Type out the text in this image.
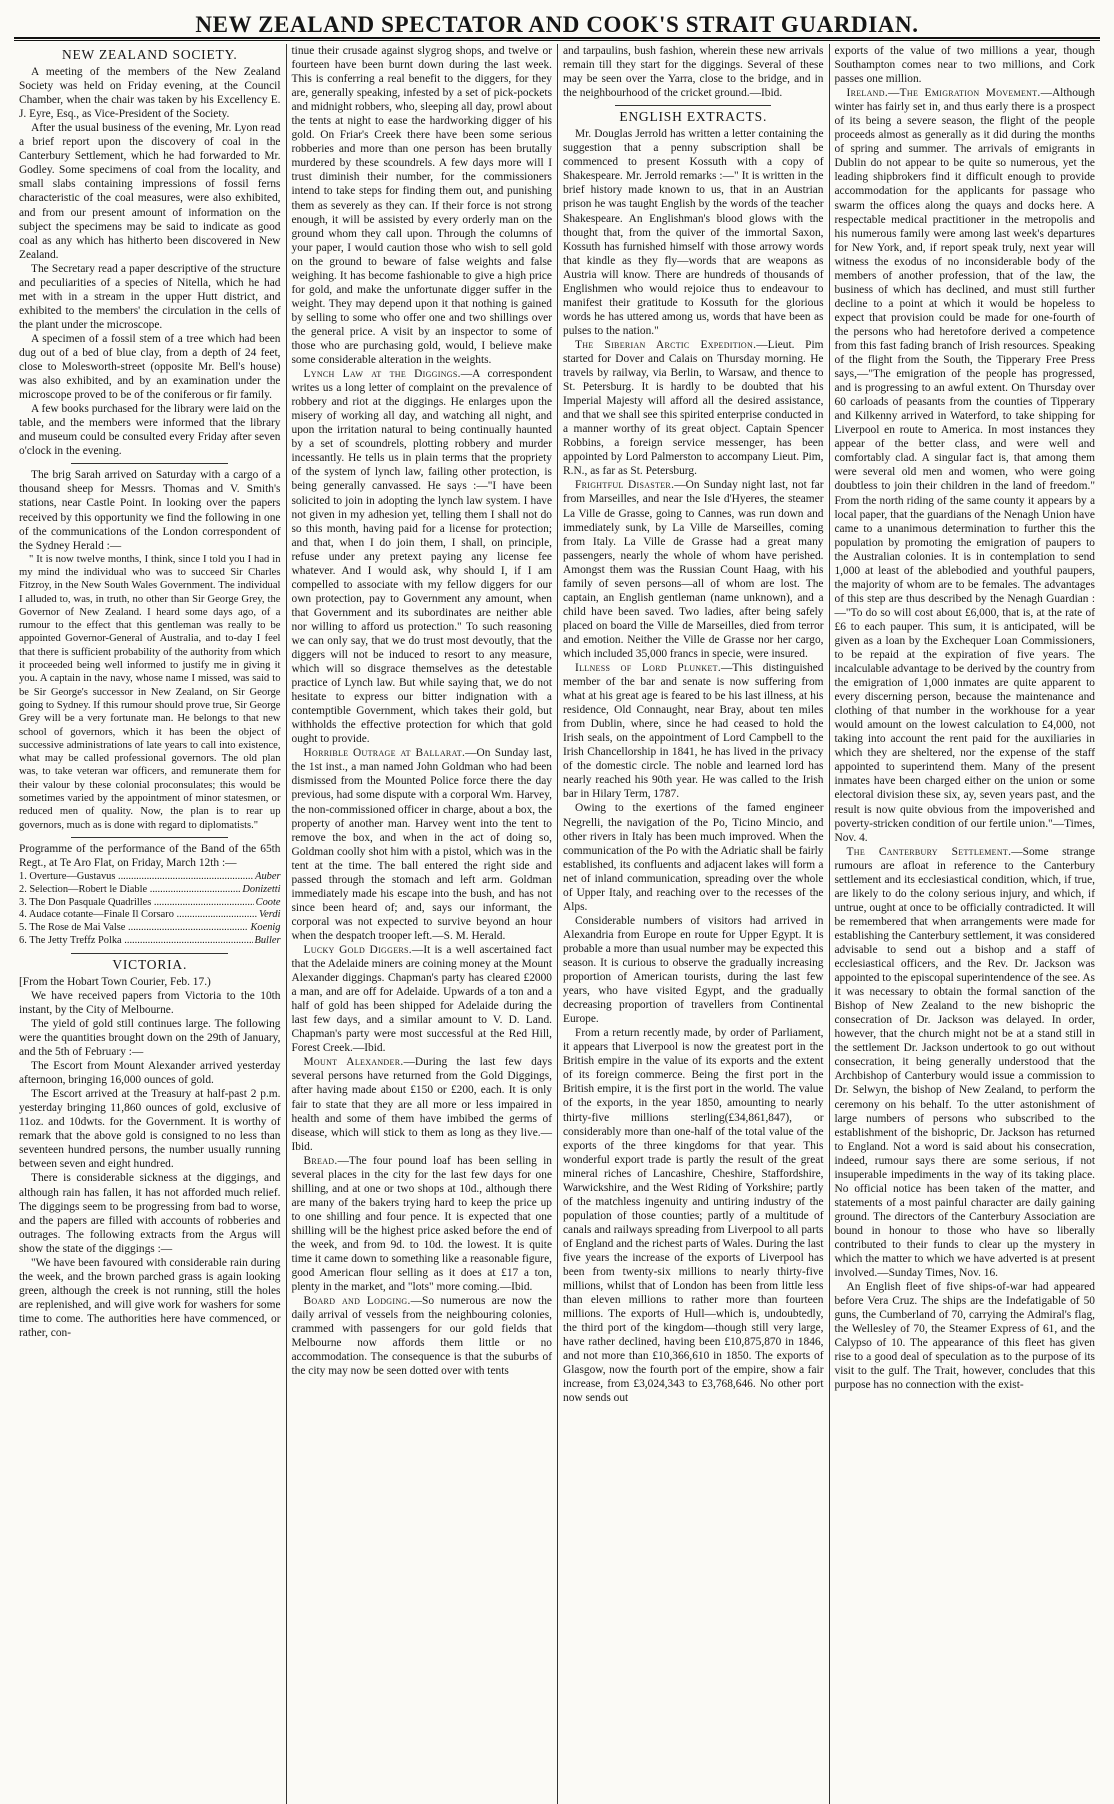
NEW ZEALAND SPECTATOR AND COOK'S STRAIT GUARDIAN.
NEW ZEALAND SOCIETY.

A meeting of the members of the New Zealand Society was held on Friday evening, at the Council Chamber, when the chair was taken by his Excellency E. J. Eyre, Esq., as Vice-President of the Society.

After the usual business of the evening, Mr. Lyon read a brief report upon the discovery of coal in the Canterbury Settlement, which he had forwarded to Mr. Godley. Some specimens of coal from the locality, and small slabs containing impressions of fossil ferns characteristic of the coal measures, were also exhibited, and from our present amount of information on the subject the specimens may be said to indicate as good coal as any which has hitherto been discovered in New Zealand.

The Secretary read a paper descriptive of the structure and peculiarities of a species of Nitella, which he had met with in a stream in the upper Hutt district, and exhibited to the members' the circulation in the cells of the plant under the microscope.

A specimen of a fossil stem of a tree which had been dug out of a bed of blue clay, from a depth of 24 feet, close to Molesworth-street (opposite Mr. Bell's house) was also exhibited, and by an examination under the microscope proved to be of the coniferous or fir family.

A few books purchased for the library were laid on the table, and the members were informed that the library and museum could be consulted every Friday after seven o'clock in the evening.

The brig Sarah arrived on Saturday with a cargo of a thousand sheep for Messrs. Thomas and V. Smith's stations, near Castle Point. In looking over the papers received by this opportunity we find the following in one of the communications of the London correspondent of the Sydney Herald :—

" It is now twelve months, I think, since I told you I had in my mind the individual who was to succeed Sir Charles Fitzroy, in the New South Wales Government. The individual I alluded to, was, in truth, no other than Sir George Grey, the Governor of New Zealand. I heard some days ago, of a rumour to the effect that this gentleman was really to be appointed Governor-General of Australia, and to-day I feel that there is sufficient probability of the authority from which it proceeded being well informed to justify me in giving it you. A captain in the navy, whose name I missed, was said to be Sir George's successor in New Zealand, on Sir George going to Sydney. If this rumour should prove true, Sir George Grey will be a very fortunate man. He belongs to that new school of governors, which it has been the object of successive administrations of late years to call into existence, what may be called professional governors. The old plan was, to take veteran war officers, and remunerate them for their valour by these colonial proconsulates; this would be sometimes varied by the appointment of minor statesmen, or reduced men of quality. Now, the plan is to rear up governors, much as is done with regard to diplomatists."

Programme of the performance of the Band of the 65th Regt., at Te Aro Flat, on Friday, March 12th :—

1. Overture—Gustavus .....	Auber
2. Selection—Robert le Diable .....	Donizetti
3. The Don Pasquale Quadrilles .....	Coote
4. Audace cotante—Finale Il Corsaro .....	Verdi
5. The Rose de Mai Valse .....	Koenig
6. The Jetty Treffz Polka .....	Buller
VICTORIA.

[From the Hobart Town Courier, Feb. 17.)

We have received papers from Victoria to the 10th instant, by the City of Melbourne.

The yield of gold still continues large. The following were the quantities brought down on the 29th of January, and the 5th of February :—

The Escort from Mount Alexander arrived yesterday afternoon, bringing 16,000 ounces of gold.

The Escort arrived at the Treasury at half-past 2 p.m. yesterday bringing 11,860 ounces of gold, exclusive of 11oz. and 10dwts. for the Government. It is worthy of remark that the above gold is consigned to no less than seventeen hundred persons, the number usually running between seven and eight hundred.

There is considerable sickness at the diggings, and although rain has fallen, it has not afforded much relief. The diggings seem to be progressing from bad to worse, and the papers are filled with accounts of robberies and outrages. The following extracts from the Argus will show the state of the diggings :—

"We have been favoured with considerable rain during the week, and the brown parched grass is again looking green, although the creek is not running, still the holes are replenished, and will give work for washers for some time to come. The authorities here have commenced, or rather, con-

tinue their crusade against slygrog shops, and twelve or fourteen have been burnt down during the last week. This is conferring a real benefit to the diggers, for they are, generally speaking, infested by a set of pick-pockets and midnight robbers, who, sleeping all day, prowl about the tents at night to ease the hardworking digger of his gold. On Friar's Creek there have been some serious robberies and more than one person has been brutally murdered by these scoundrels. A few days more will I trust diminish their number, for the commissioners intend to take steps for finding them out, and punishing them as severely as they can. If their force is not strong enough, it will be assisted by every orderly man on the ground whom they call upon. Through the columns of your paper, I would caution those who wish to sell gold on the ground to beware of false weights and false weighing. It has become fashionable to give a high price for gold, and make the unfortunate digger suffer in the weight. They may depend upon it that nothing is gained by selling to some who offer one and two shillings over the general price. A visit by an inspector to some of those who are purchasing gold, would, I believe make some considerable alteration in the weights.

Lynch Law at the Diggings.—A correspondent writes us a long letter of complaint on the prevalence of robbery and riot at the diggings. He enlarges upon the misery of working all day, and watching all night, and upon the irritation natural to being continually haunted by a set of scoundrels, plotting robbery and murder incessantly. He tells us in plain terms that the propriety of the system of lynch law, failing other protection, is being generally canvassed. He says :—"I have been solicited to join in adopting the lynch law system. I have not given in my adhesion yet, telling them I shall not do so this month, having paid for a license for protection; and that, when I do join them, I shall, on principle, refuse under any pretext paying any license fee whatever. And I would ask, why should I, if I am compelled to associate with my fellow diggers for our own protection, pay to Government any amount, when that Government and its subordinates are neither able nor willing to afford us protection." To such reasoning we can only say, that we do trust most devoutly, that the diggers will not be induced to resort to any measure, which will so disgrace themselves as the detestable practice of Lynch law. But while saying that, we do not hesitate to express our bitter indignation with a contemptible Government, which takes their gold, but withholds the effective protection for which that gold ought to provide.

Horrible Outrage at Ballarat.—On Sunday last, the 1st inst., a man named John Goldman who had been dismissed from the Mounted Police force there the day previous, had some dispute with a corporal Wm. Harvey, the non-commissioned officer in charge, about a box, the property of another man. Harvey went into the tent to remove the box, and when in the act of doing so, Goldman coolly shot him with a pistol, which was in the tent at the time. The ball entered the right side and passed through the stomach and left arm. Goldman immediately made his escape into the bush, and has not since been heard of; and, says our informant, the corporal was not expected to survive beyond an hour when the despatch trooper left.—S. M. Herald.

Lucky Gold Diggers.—It is a well ascertained fact that the Adelaide miners are coining money at the Mount Alexander diggings. Chapman's party has cleared £2000 a man, and are off for Adelaide. Upwards of a ton and a half of gold has been shipped for Adelaide during the last few days, and a similar amount to V. D. Land. Chapman's party were most successful at the Red Hill, Forest Creek.—Ibid.

Mount Alexander.—During the last few days several persons have returned from the Gold Diggings, after having made about £150 or £200, each. It is only fair to state that they are all more or less impaired in health and some of them have imbibed the germs of disease, which will stick to them as long as they live.—Ibid.

Bread.—The four pound loaf has been selling in several places in the city for the last few days for one shilling, and at one or two shops at 10d., although there are many of the bakers trying hard to keep the price up to one shilling and four pence. It is expected that one shilling will be the highest price asked before the end of the week, and from 9d. to 10d. the lowest. It is quite time it came down to something like a reasonable figure, good American flour selling as it does at £17 a ton, plenty in the market, and "lots" more coming.—Ibid.

Board and Lodging.—So numerous are now the daily arrival of vessels from the neighbouring colonies, crammed with passengers for our gold fields that Melbourne now affords them little or no accommodation. The consequence is that the suburbs of the city may now be seen dotted over with tents

and tarpaulins, bush fashion, wherein these new arrivals remain till they start for the diggings. Several of these may be seen over the Yarra, close to the bridge, and in the neighbourhood of the cricket ground.—Ibid.

ENGLISH EXTRACTS.

Mr. Douglas Jerrold has written a letter containing the suggestion that a penny subscription shall be commenced to present Kossuth with a copy of Shakespeare. Mr. Jerrold remarks :—" It is written in the brief history made known to us, that in an Austrian prison he was taught English by the words of the teacher Shakespeare. An Englishman's blood glows with the thought that, from the quiver of the immortal Saxon, Kossuth has furnished himself with those arrowy words that kindle as they fly—words that are weapons as Austria will know. There are hundreds of thousands of Englishmen who would rejoice thus to endeavour to manifest their gratitude to Kossuth for the glorious words he has uttered among us, words that have been as pulses to the nation."

The Siberian Arctic Expedition.—Lieut. Pim started for Dover and Calais on Thursday morning. He travels by railway, via Berlin, to Warsaw, and thence to St. Petersburg. It is hardly to be doubted that his Imperial Majesty will afford all the desired assistance, and that we shall see this spirited enterprise conducted in a manner worthy of its great object. Captain Spencer Robbins, a foreign service messenger, has been appointed by Lord Palmerston to accompany Lieut. Pim, R.N., as far as St. Petersburg.

Frightful Disaster.—On Sunday night last, not far from Marseilles, and near the Isle d'Hyeres, the steamer La Ville de Grasse, going to Cannes, was run down and immediately sunk, by La Ville de Marseilles, coming from Italy. La Ville de Grasse had a great many passengers, nearly the whole of whom have perished. Amongst them was the Russian Count Haag, with his family of seven persons—all of whom are lost. The captain, an English gentleman (name unknown), and a child have been saved. Two ladies, after being safely placed on board the Ville de Marseilles, died from terror and emotion. Neither the Ville de Grasse nor her cargo, which included 35,000 francs in specie, were insured.

Illness of Lord Plunket.—This distinguished member of the bar and senate is now suffering from what at his great age is feared to be his last illness, at his residence, Old Connaught, near Bray, about ten miles from Dublin, where, since he had ceased to hold the Irish seals, on the appointment of Lord Campbell to the Irish Chancellorship in 1841, he has lived in the privacy of the domestic circle. The noble and learned lord has nearly reached his 90th year. He was called to the Irish bar in Hilary Term, 1787.

Owing to the exertions of the famed engineer Negrelli, the navigation of the Po, Ticino Mincio, and other rivers in Italy has been much improved. When the communication of the Po with the Adriatic shall be fairly established, its confluents and adjacent lakes will form a net of inland communication, spreading over the whole of Upper Italy, and reaching over to the recesses of the Alps.

Considerable numbers of visitors had arrived in Alexandria from Europe en route for Upper Egypt. It is probable a more than usual number may be expected this season. It is curious to observe the gradually increasing proportion of American tourists, during the last few years, who have visited Egypt, and the gradually decreasing proportion of travellers from Continental Europe.

From a return recently made, by order of Parliament, it appears that Liverpool is now the greatest port in the British empire in the value of its exports and the extent of its foreign commerce. Being the first port in the British empire, it is the first port in the world. The value of the exports, in the year 1850, amounting to nearly thirty-five millions sterling(£34,861,847), or considerably more than one-half of the total value of the exports of the three kingdoms for that year. This wonderful export trade is partly the result of the great mineral riches of Lancashire, Cheshire, Staffordshire, Warwickshire, and the West Riding of Yorkshire; partly of the matchless ingenuity and untiring industry of the population of those counties; partly of a multitude of canals and railways spreading from Liverpool to all parts of England and the richest parts of Wales. During the last five years the increase of the exports of Liverpool has been from twenty-six millions to nearly thirty-five millions, whilst that of London has been from little less than eleven millions to rather more than fourteen millions. The exports of Hull—which is, undoubtedly, the third port of the kingdom—though still very large, have rather declined, having been £10,875,870 in 1846, and not more than £10,366,610 in 1850. The exports of Glasgow, now the fourth port of the empire, show a fair increase, from £3,024,343 to £3,768,646. No other port now sends out

exports of the value of two millions a year, though Southampton comes near to two millions, and Cork passes one million.

Ireland.—The Emigration Movement.—Although winter has fairly set in, and thus early there is a prospect of its being a severe season, the flight of the people proceeds almost as generally as it did during the months of spring and summer. The arrivals of emigrants in Dublin do not appear to be quite so numerous, yet the leading shipbrokers find it difficult enough to provide accommodation for the applicants for passage who swarm the offices along the quays and docks here. A respectable medical practitioner in the metropolis and his numerous family were among last week's departures for New York, and, if report speak truly, next year will witness the exodus of no inconsiderable body of the members of another profession, that of the law, the business of which has declined, and must still further decline to a point at which it would be hopeless to expect that provision could be made for one-fourth of the persons who had heretofore derived a competence from this fast fading branch of Irish resources. Speaking of the flight from the South, the Tipperary Free Press says,—"The emigration of the people has progressed, and is progressing to an awful extent. On Thursday over 60 carloads of peasants from the counties of Tipperary and Kilkenny arrived in Waterford, to take shipping for Liverpool en route to America. In most instances they appear of the better class, and were well and comfortably clad. A singular fact is, that among them were several old men and women, who were going doubtless to join their children in the land of freedom." From the north riding of the same county it appears by a local paper, that the guardians of the Nenagh Union have came to a unanimous determination to further this the population by promoting the emigration of paupers to the Australian colonies. It is in contemplation to send 1,000 at least of the ablebodied and youthful paupers, the majority of whom are to be females. The advantages of this step are thus described by the Nenagh Guardian :—"To do so will cost about £6,000, that is, at the rate of £6 to each pauper. This sum, it is anticipated, will be given as a loan by the Exchequer Loan Commissioners, to be repaid at the expiration of five years. The incalculable advantage to be derived by the country from the emigration of 1,000 inmates are quite apparent to every discerning person, because the maintenance and clothing of that number in the workhouse for a year would amount on the lowest calculation to £4,000, not taking into account the rent paid for the auxiliaries in which they are sheltered, nor the expense of the staff appointed to superintend them. Many of the present inmates have been charged either on the union or some electoral division these six, ay, seven years past, and the result is now quite obvious from the impoverished and poverty-stricken condition of our fertile union."—Times, Nov. 4.

The Canterbury Settlement.—Some strange rumours are afloat in reference to the Canterbury settlement and its ecclesiastical condition, which, if true, are likely to do the colony serious injury, and which, if untrue, ought at once to be officially contradicted. It will be remembered that when arrangements were made for establishing the Canterbury settlement, it was considered advisable to send out a bishop and a staff of ecclesiastical officers, and the Rev. Dr. Jackson was appointed to the episcopal superintendence of the see. As it was necessary to obtain the formal sanction of the Bishop of New Zealand to the new bishopric the consecration of Dr. Jackson was delayed. In order, however, that the church might not be at a stand still in the settlement Dr. Jackson undertook to go out without consecration, it being generally understood that the Archbishop of Canterbury would issue a commission to Dr. Selwyn, the bishop of New Zealand, to perform the ceremony on his behalf. To the utter astonishment of large numbers of persons who subscribed to the establishment of the bishopric, Dr. Jackson has returned to England. Not a word is said about his consecration, indeed, rumour says there are some serious, if not insuperable impediments in the way of its taking place. No official notice has been taken of the matter, and statements of a most painful character are daily gaining ground. The directors of the Canterbury Association are bound in honour to those who have so liberally contributed to their funds to clear up the mystery in which the matter to which we have adverted is at present involved.—Sunday Times, Nov. 16.

An English fleet of five ships-of-war had appeared before Vera Cruz. The ships are the Indefatigable of 50 guns, the Cumberland of 70, carrying the Admiral's flag, the Wellesley of 70, the Steamer Express of 61, and the Calypso of 10. The appearance of this fleet has given rise to a good deal of speculation as to the purpose of its visit to the gulf. The Trait, however, concludes that this purpose has no connection with the exist-
